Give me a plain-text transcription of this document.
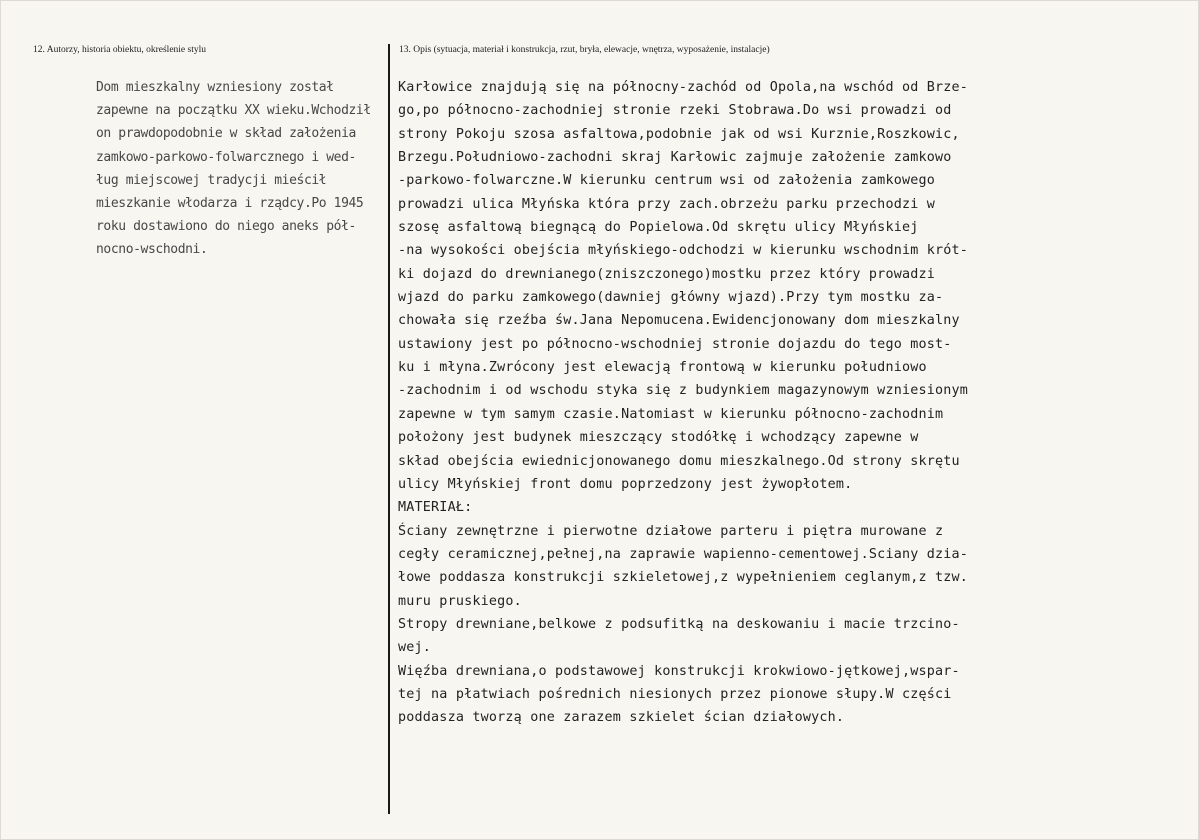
12. Autorzy, historia obiektu, określenie stylu	13. Opis (sytuacja, materiał i konstrukcja, rzut, bryła, elewacje, wnętrza, wyposażenie, instalacje)
Dom mieszkalny wzniesiony został
zapewne na początku XX wieku.Wchodził
on prawdopodobnie w skład założenia
zamkowo-parkowo-folwarcznego i wed-
ług miejscowej tradycji mieścił
mieszkanie włodarza i rządcy.Po 1945
roku dostawiono do niego aneks pół-
nocno-wschodni.
Karłowice znajdują się na północny-zachód od Opola,na wschód od Brze-
go,po północno-zachodniej stronie rzeki Stobrawa.Do wsi prowadzi od
strony Pokoju szosa asfaltowa,podobnie jak od wsi Kurznie,Roszkowic,
Brzegu.Południowo-zachodni skraj Karłowic zajmuje założenie zamkowo
-parkowo-folwarczne.W kierunku centrum wsi od założenia zamkowego
prowadzi ulica Młyńska która przy zach.obrzeżu parku przechodzi w
szosę asfaltową biegnącą do Popielowa.Od skrętu ulicy Młyńskiej
-na wysokości obejścia młyńskiego-odchodzi w kierunku wschodnim krót-
ki dojazd do drewnianego(zniszczonego)mostku przez który prowadzi
wjazd do parku zamkowego(dawniej główny wjazd).Przy tym mostku za-
chowała się rzeźba św.Jana Nepomucena.Ewidencjonowany dom mieszkalny
ustawiony jest po północno-wschodniej stronie dojazdu do tego most-
ku i młyna.Zwrócony jest elewacją frontową w kierunku południowo
-zachodnim i od wschodu styka się z budynkiem magazynowym wzniesionym
zapewne w tym samym czasie.Natomiast w kierunku północno-zachodnim
położony jest budynek mieszczący stodółkę i wchodzący zapewne w
skład obejścia ewiednicjonowanego domu mieszkalnego.Od strony skrętu
ulicy Młyńskiej front domu poprzedzony jest żywopłotem.
MATERIAŁ:
Ściany zewnętrzne i pierwotne działowe parteru i piętra murowane z
cegły ceramicznej,pełnej,na zaprawie wapienno-cementowej.Sciany dzia-
łowe poddasza konstrukcji szkieletowej,z wypełnieniem ceglanym,z tzw.
muru pruskiego.
Stropy drewniane,belkowe z podsufitką na deskowaniu i macie trzcino-
wej.
Więźba drewniana,o podstawowej konstrukcji krokwiowo-jętkowej,wspar-
tej na płatwiach pośrednich niesionych przez pionowe słupy.W części
poddasza tworzą one zarazem szkielet ścian działowych.
